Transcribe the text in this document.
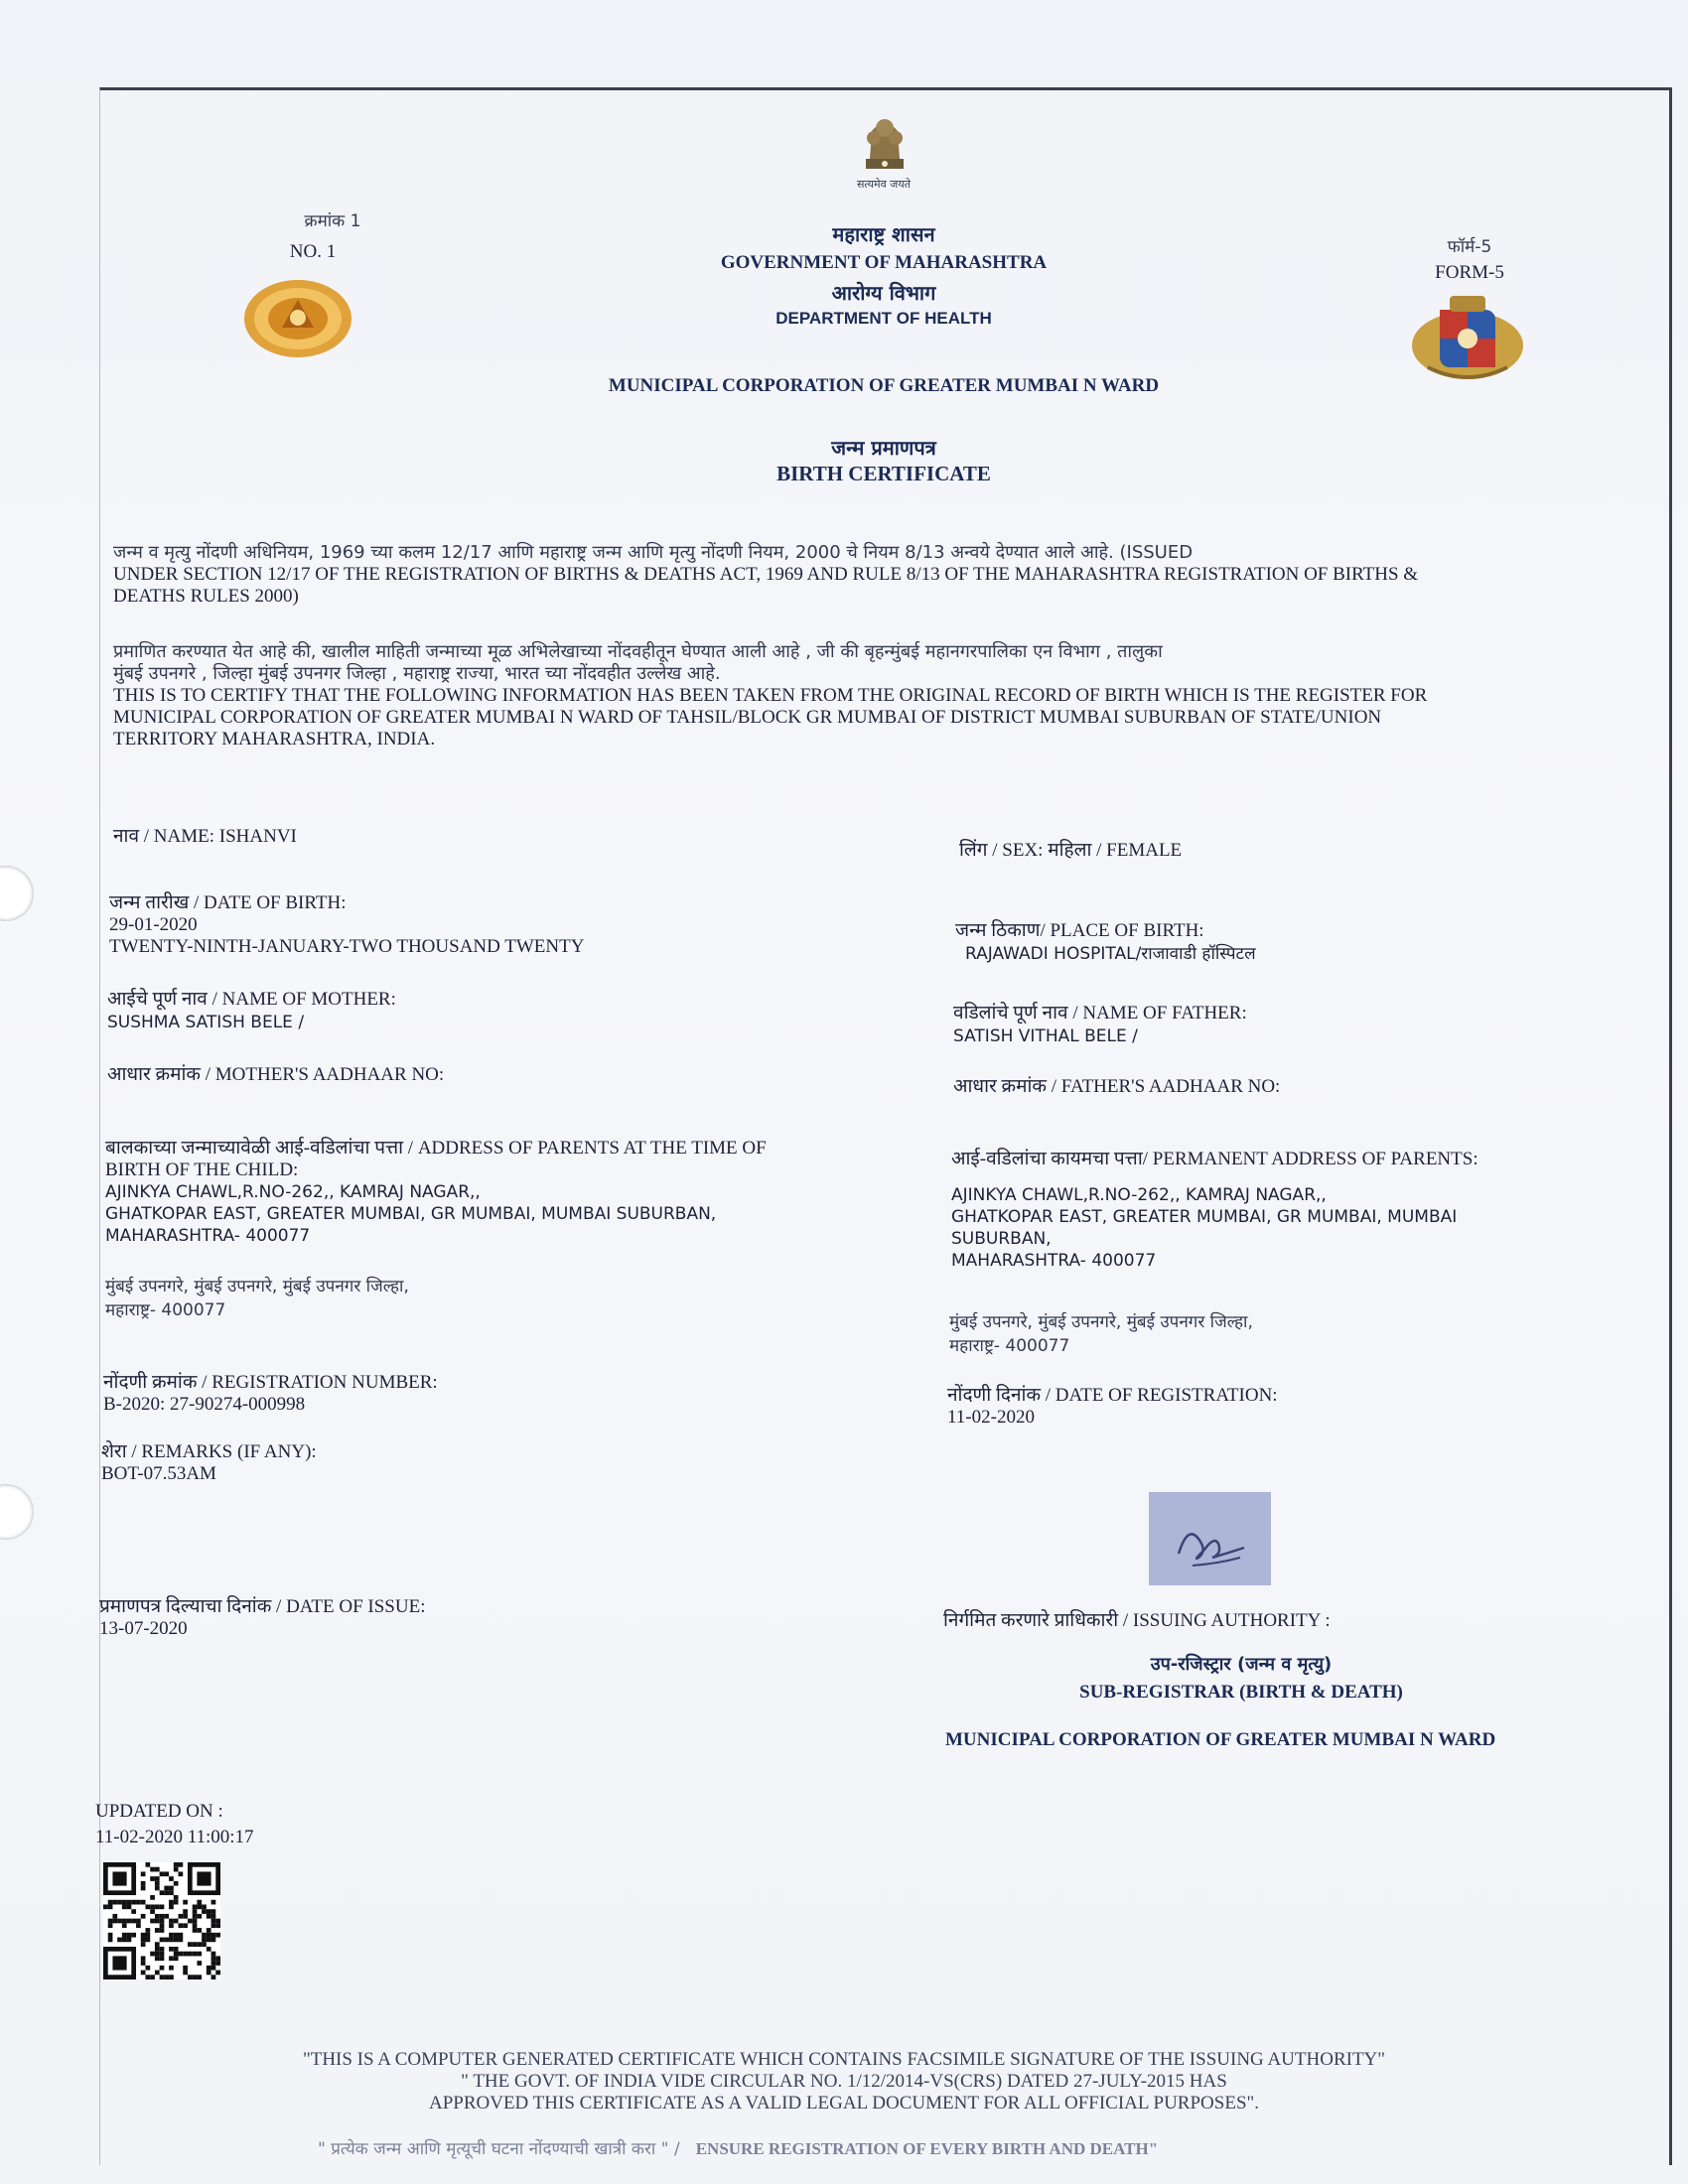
क्रमांक 1
NO. 1
सत्यमेव जयते
महाराष्ट्र शासन
GOVERNMENT OF MAHARASHTRA
आरोग्य विभाग
DEPARTMENT OF HEALTH
फॉर्म-5
FORM-5
MUNICIPAL CORPORATION OF GREATER MUMBAI N WARD
जन्म प्रमाणपत्र
BIRTH CERTIFICATE
जन्म व मृत्यु नोंदणी अधिनियम, 1969 च्या कलम 12/17 आणि महाराष्ट्र जन्म आणि मृत्यु नोंदणी नियम, 2000 चे नियम 8/13 अन्वये देण्यात आले आहे. (ISSUED
UNDER SECTION 12/17 OF THE REGISTRATION OF BIRTHS & DEATHS ACT, 1969 AND RULE 8/13 OF THE MAHARASHTRA REGISTRATION OF BIRTHS &
DEATHS RULES 2000)
प्रमाणित करण्यात येत आहे की, खालील माहिती जन्माच्या मूळ अभिलेखाच्या नोंदवहीतून घेण्यात आली आहे , जी की बृहन्मुंबई महानगरपालिका एन विभाग , तालुका
मुंबई उपनगरे , जिल्हा मुंबई उपनगर जिल्हा , महाराष्ट्र राज्या, भारत च्या नोंदवहीत उल्लेख आहे.
THIS IS TO CERTIFY THAT THE FOLLOWING INFORMATION HAS BEEN TAKEN FROM THE ORIGINAL RECORD OF BIRTH WHICH IS THE REGISTER FOR
MUNICIPAL CORPORATION OF GREATER MUMBAI N WARD OF TAHSIL/BLOCK GR MUMBAI OF DISTRICT MUMBAI SUBURBAN OF STATE/UNION
TERRITORY MAHARASHTRA, INDIA.
नाव / NAME: ISHANVI
जन्म तारीख / DATE OF BIRTH:
29-01-2020
TWENTY-NINTH-JANUARY-TWO THOUSAND TWENTY
आईचे पूर्ण नाव / NAME OF MOTHER:
SUSHMA SATISH BELE /
आधार क्रमांक / MOTHER'S AADHAAR NO:
बालकाच्या जन्माच्यावेळी आई-वडिलांचा पत्ता / ADDRESS OF PARENTS AT THE TIME OF
BIRTH OF THE CHILD:
AJINKYA CHAWL,R.NO-262,, KAMRAJ NAGAR,,
GHATKOPAR EAST, GREATER MUMBAI, GR MUMBAI, MUMBAI SUBURBAN,
MAHARASHTRA- 400077
मुंबई उपनगरे, मुंबई उपनगरे, मुंबई उपनगर जिल्हा,
महाराष्ट्र- 400077
नोंदणी क्रमांक / REGISTRATION NUMBER:
B-2020: 27-90274-000998
शेरा / REMARKS (IF ANY):
BOT-07.53AM
प्रमाणपत्र दिल्याचा दिनांक / DATE OF ISSUE:
13-07-2020
लिंग / SEX: महिला / FEMALE
जन्म ठिकाण/ PLACE OF BIRTH:
RAJAWADI HOSPITAL/राजावाडी हॉस्पिटल
वडिलांचे पूर्ण नाव / NAME OF FATHER:
SATISH VITHAL BELE /
आधार क्रमांक / FATHER'S AADHAAR NO:
आई-वडिलांचा कायमचा पत्ता/ PERMANENT ADDRESS OF PARENTS:
AJINKYA CHAWL,R.NO-262,, KAMRAJ NAGAR,,
GHATKOPAR EAST, GREATER MUMBAI, GR MUMBAI, MUMBAI
SUBURBAN,
MAHARASHTRA- 400077
मुंबई उपनगरे, मुंबई उपनगरे, मुंबई उपनगर जिल्हा,
महाराष्ट्र- 400077
नोंदणी दिनांक / DATE OF REGISTRATION:
11-02-2020
निर्गमित करणारे प्राधिकारी / ISSUING AUTHORITY :
उप-रजिस्ट्रार (जन्म व मृत्यु)
SUB-REGISTRAR (BIRTH & DEATH)
MUNICIPAL CORPORATION OF GREATER MUMBAI N WARD
UPDATED ON :
11-02-2020 11:00:17
"THIS IS A COMPUTER GENERATED CERTIFICATE WHICH CONTAINS FACSIMILE SIGNATURE OF THE ISSUING AUTHORITY"
" THE GOVT. OF INDIA VIDE CIRCULAR NO. 1/12/2014-VS(CRS) DATED 27-JULY-2015 HAS
APPROVED THIS CERTIFICATE AS A VALID LEGAL DOCUMENT FOR ALL OFFICIAL PURPOSES".
" प्रत्येक जन्म आणि मृत्यूची घटना नोंदण्याची खात्री करा " / ENSURE REGISTRATION OF EVERY BIRTH AND DEATH"
